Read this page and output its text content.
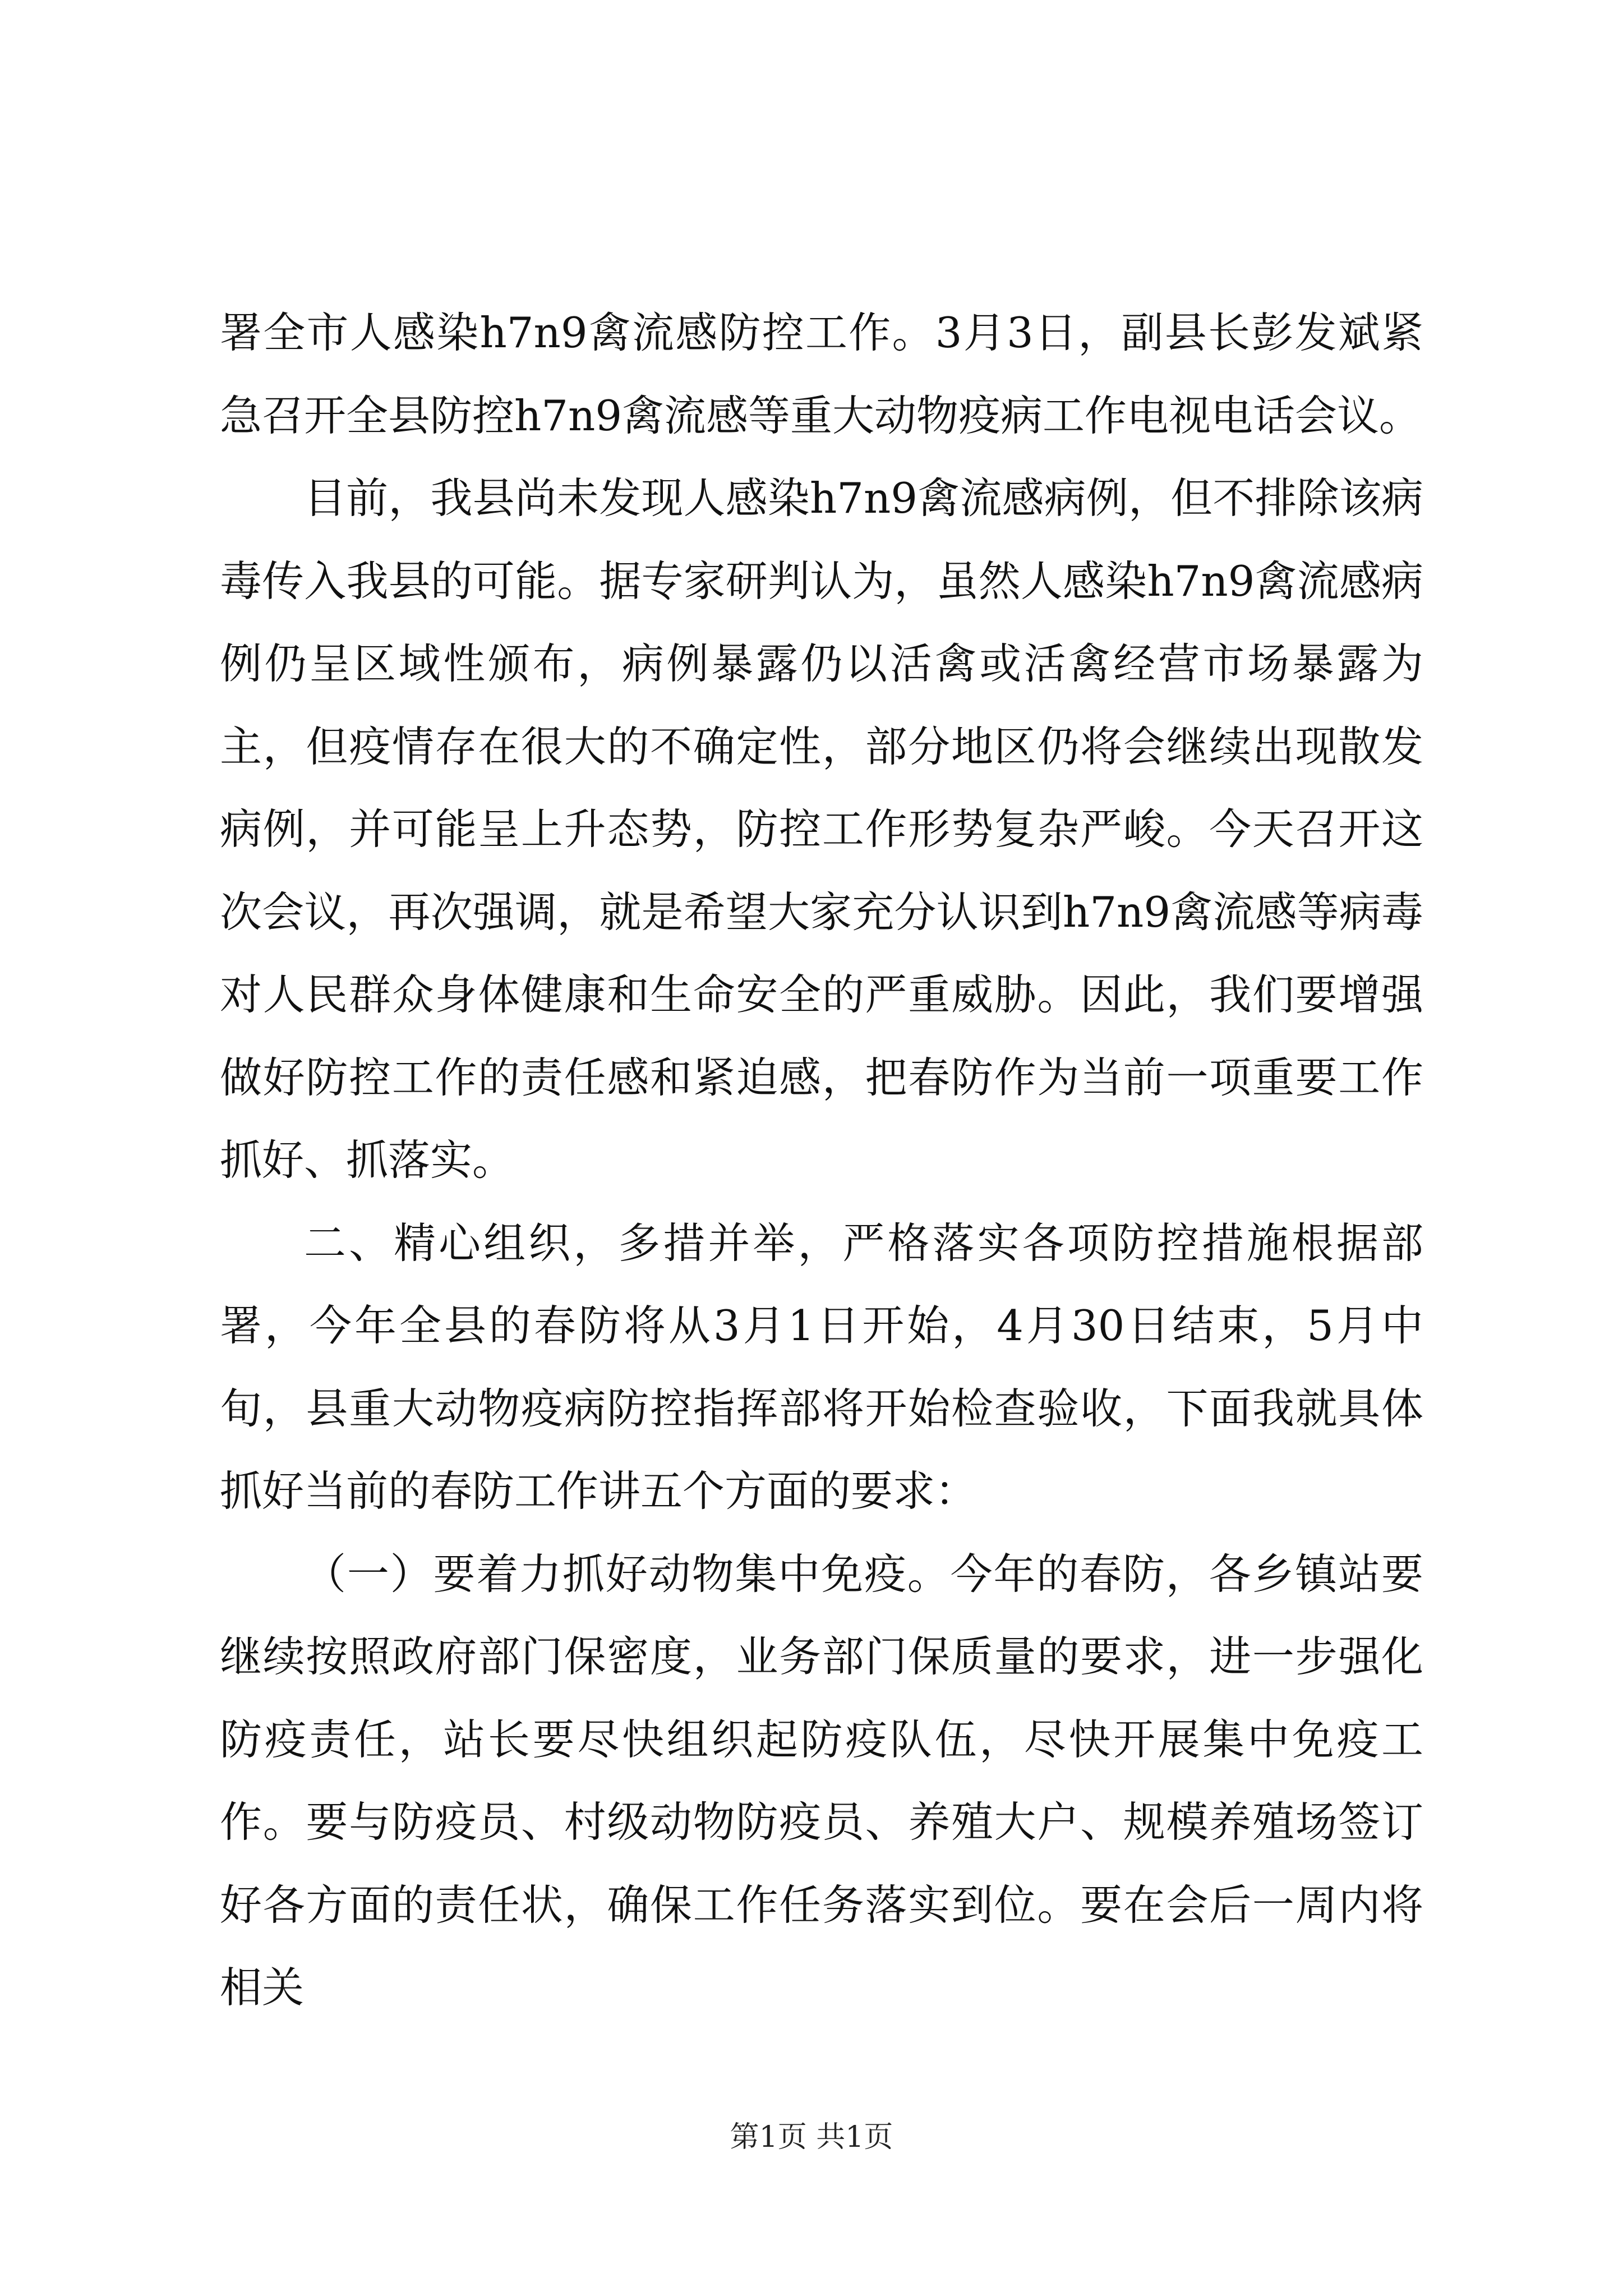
署全市人感染h7n9禽流感防控工作。3月3日，副县长彭发斌紧急召开全县防控h7n9禽流感等重大动物疫病工作电视电话会议。

目前，我县尚未发现人感染h7n9禽流感病例，但不排除该病毒传入我县的可能。据专家研判认为，虽然人感染h7n9禽流感病例仍呈区域性颁布，病例暴露仍以活禽或活禽经营市场暴露为主，但疫情存在很大的不确定性，部分地区仍将会继续出现散发病例，并可能呈上升态势，防控工作形势复杂严峻。今天召开这次会议，再次强调，就是希望大家充分认识到h7n9禽流感等病毒对人民群众身体健康和生命安全的严重威胁。因此，我们要增强做好防控工作的责任感和紧迫感，把春防作为当前一项重要工作抓好、抓落实。

二、精心组织，多措并举，严格落实各项防控措施根据部署，今年全县的春防将从3月1日开始，4月30日结束，5月中旬，县重大动物疫病防控指挥部将开始检查验收，下面我就具体抓好当前的春防工作讲五个方面的要求：

（一）要着力抓好动物集中免疫。今年的春防，各乡镇站要继续按照政府部门保密度，业务部门保质量的要求，进一步强化防疫责任，站长要尽快组织起防疫队伍，尽快开展集中免疫工作。要与防疫员、村级动物防疫员、养殖大户、规模养殖场签订好各方面的责任状，确保工作任务落实到位。要在会后一周内将相关

第1页 共1页
